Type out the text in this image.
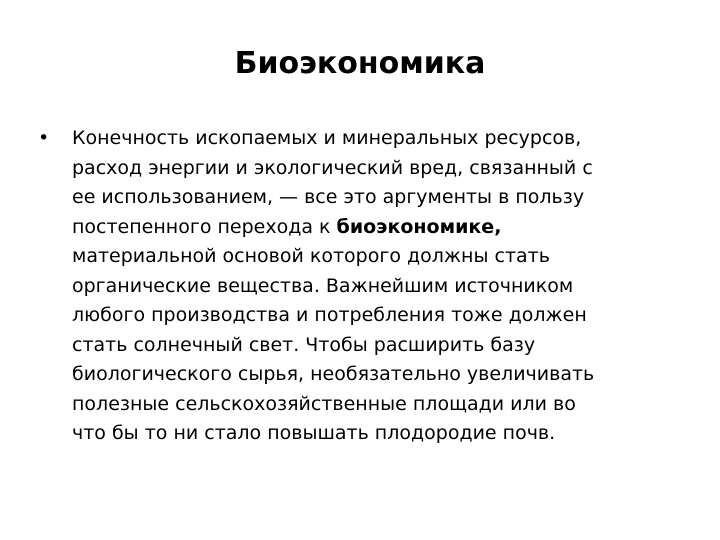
Биоэкономика
• Конечность ископаемых и минеральных ресурсов,
расход энергии и экологический вред, связанный с
ее использованием, — все это аргументы в пользу
постепенного перехода к биоэкономике,
материальной основой которого должны стать
органические вещества. Важнейшим источником
любого производства и потребления тоже должен
стать солнечный свет. Чтобы расширить базу
биологического сырья, необязательно увеличивать
полезные сельскохозяйственные площади или во
что бы то ни стало повышать плодородие почв.
